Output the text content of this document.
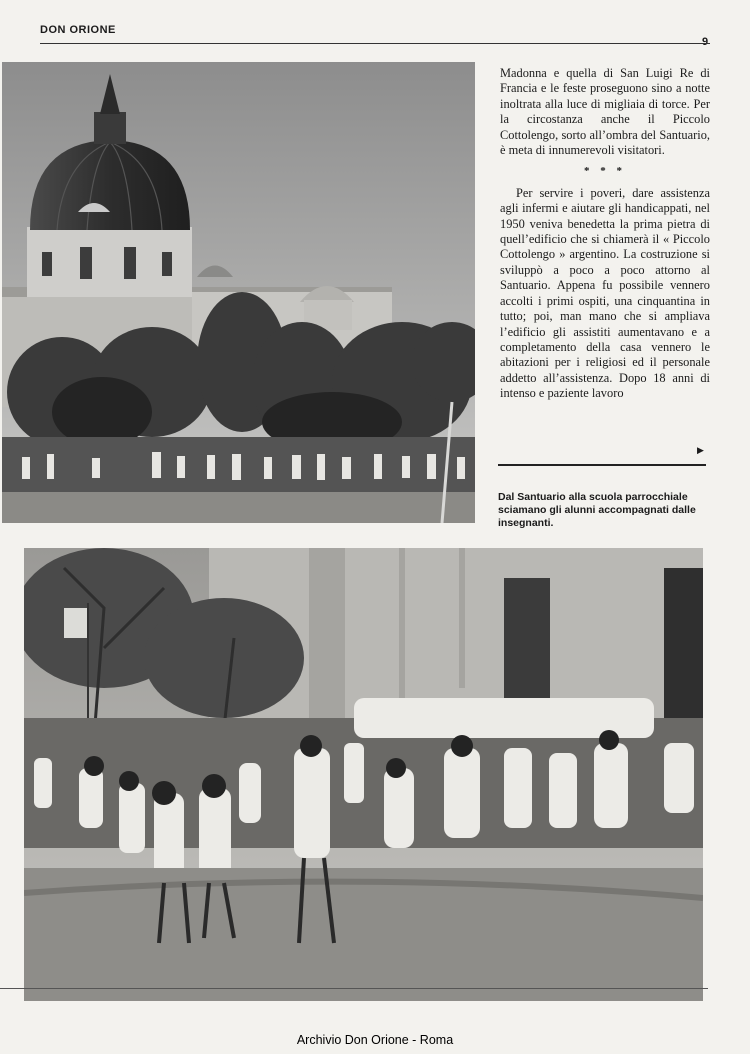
DON ORIONE
9

Madonna e quella di San Luigi Re di Francia e le feste proseguono sino a notte inoltrata alla luce di migliaia di torce. Per la circostanza anche il Piccolo Cottolengo, sorto all’ombra del Santuario, è meta di innumerevoli visitatori.

* * *

Per servire i poveri, dare assistenza agli infermi e aiutare gli handicappati, nel 1950 veniva benedetta la prima pietra di quell’edificio che si chiamerà il « Piccolo Cottolengo » argentino. La costruzione si sviluppò a poco a poco attorno al Santuario. Appena fu possibile vennero accolti i primi ospiti, una cinquantina in tutto; poi, man mano che si ampliava l’edificio gli assistiti aumentavano e a completamento della casa vennero le abitazioni per i religiosi ed il personale addetto all’assistenza. Dopo 18 anni di intenso e paziente lavoro

▶
Dal Santuario alla scuola parrocchiale sciamano gli alunni accompagnati dalle insegnanti.
Archivio Don Orione - Roma
